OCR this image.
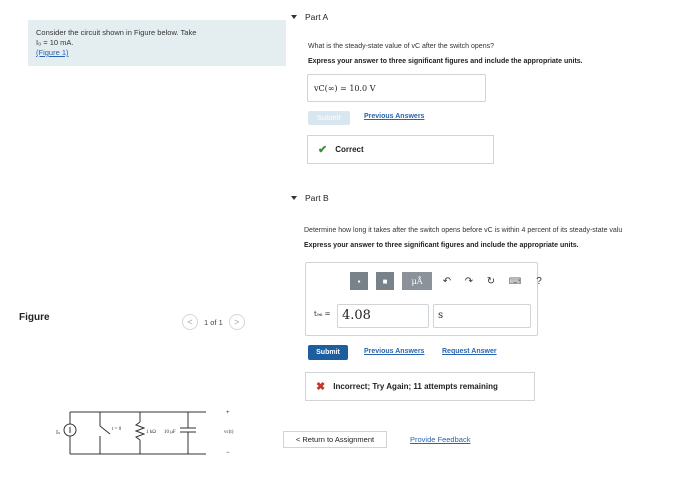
Consider the circuit shown in Figure below. Take
I₀ = 10 mA.
(Figure 1)
Figure	<	1 of 1	>
Iₛ
t = 0
1 kΩ 10 μF	vc(t)
+
−
Part A
What is the steady-state value of vC after the switch opens?
Express your answer to three significant figures and include the appropriate units.
vC(∞) = 10.0 V
Submit	Previous Answers
✔ Correct
Part B
Determine how long it takes after the switch opens before vC is within 4 percent of its steady-state valu
Express your answer to three significant figures and include the appropriate units.
▪	■	μÅ	↶ ↷ ↻	⌨	?
t₉₆ = 4.08	s
Submit	Previous Answers	Request Answer
✖ Incorrect; Try Again; 11 attempts remaining
< Return to Assignment	Provide Feedback
